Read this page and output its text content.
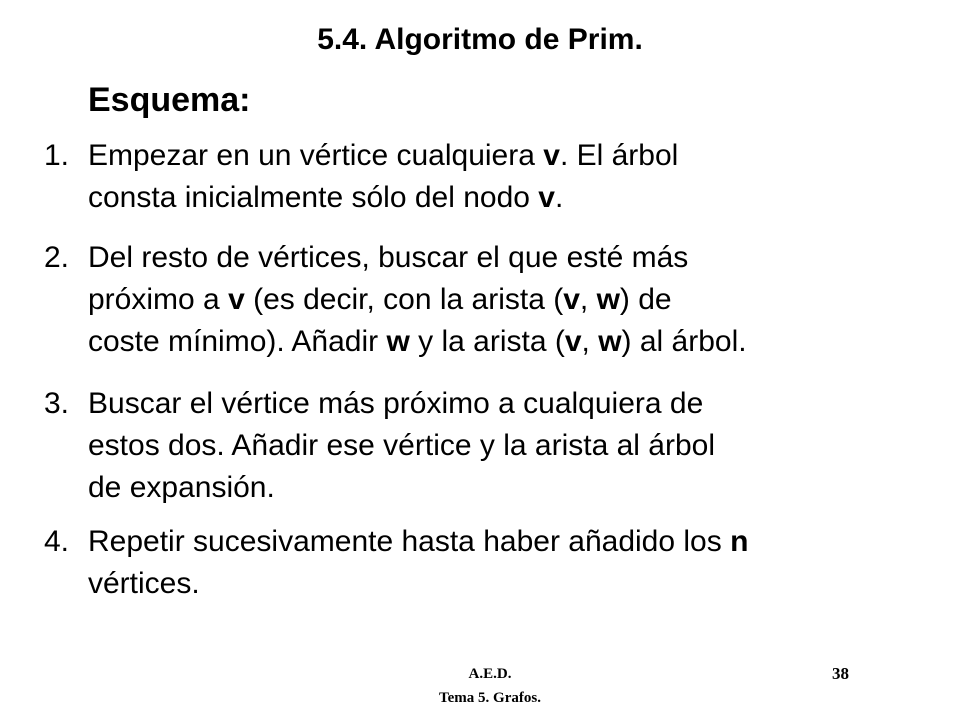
5.4. Algoritmo de Prim.
Esquema:
1. Empezar en un vértice cualquiera v. El árbol
consta inicialmente sólo del nodo v.
2. Del resto de vértices, buscar el que esté más
próximo a v (es decir, con la arista (v, w) de
coste mínimo). Añadir w y la arista (v, w) al árbol.
3. Buscar el vértice más próximo a cualquiera de
estos dos. Añadir ese vértice y la arista al árbol
de expansión.
4. Repetir sucesivamente hasta haber añadido los n
vértices.
A.E.D.
Tema 5. Grafos.
38
